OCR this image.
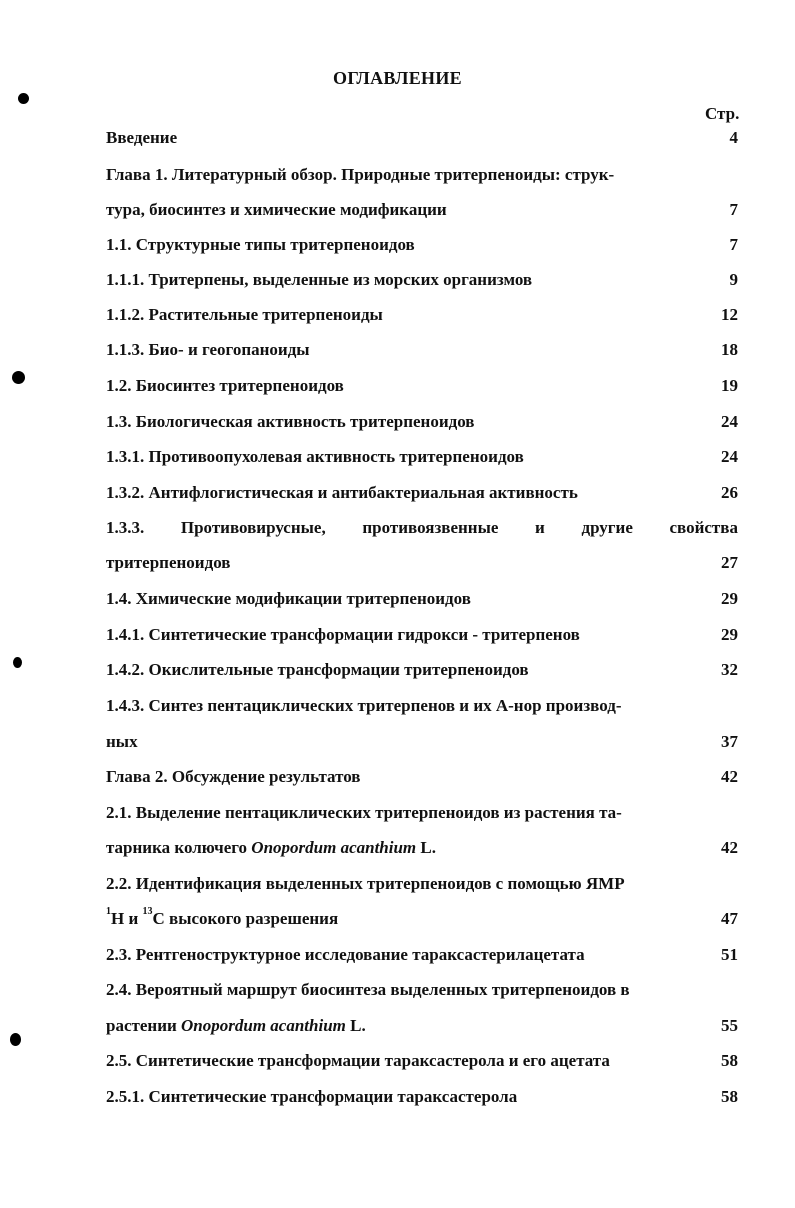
ОГЛАВЛЕНИЕ
Стр.
Введение	4
Глава 1. Литературный обзор. Природные тритерпеноиды: струк-
тура, биосинтез и химические модификации	7
1.1. Структурные типы тритерпеноидов	7
1.1.1. Тритерпены, выделенные из морских организмов	9
1.1.2. Растительные тритерпеноиды	12
1.1.3. Био- и геогопаноиды	18
1.2. Биосинтез тритерпеноидов	19
1.3. Биологическая активность тритерпеноидов	24
1.3.1. Противоопухолевая активность тритерпеноидов	24
1.3.2. Антифлогистическая и антибактериальная активность	26
1.3.3. Противовирусные, противоязвенные и другие свойства
тритерпеноидов	27
1.4. Химические модификации тритерпеноидов	29
1.4.1. Синтетические трансформации гидрокси - тритерпенов	29
1.4.2. Окислительные трансформации тритерпеноидов	32
1.4.3. Синтез пентациклических тритерпенов и их А-нор производ-
ных	37
Глава 2. Обсуждение результатов	42
2.1. Выделение пентациклических тритерпеноидов из растения та-
тарника колючего Onopordum acanthium L.	42
2.2. Идентификация выделенных тритерпеноидов с помощью ЯМР
$^1$Н и $^{13}$С высокого разрешения	47
2.3. Рентгеноструктурное исследование тараксастерилацетата	51
2.4. Вероятный маршрут биосинтеза выделенных тритерпеноидов в
растении Onopordum acanthium L.	55
2.5. Синтетические трансформации тараксастерола и его ацетата	58
2.5.1. Синтетические трансформации тараксастерола	58
